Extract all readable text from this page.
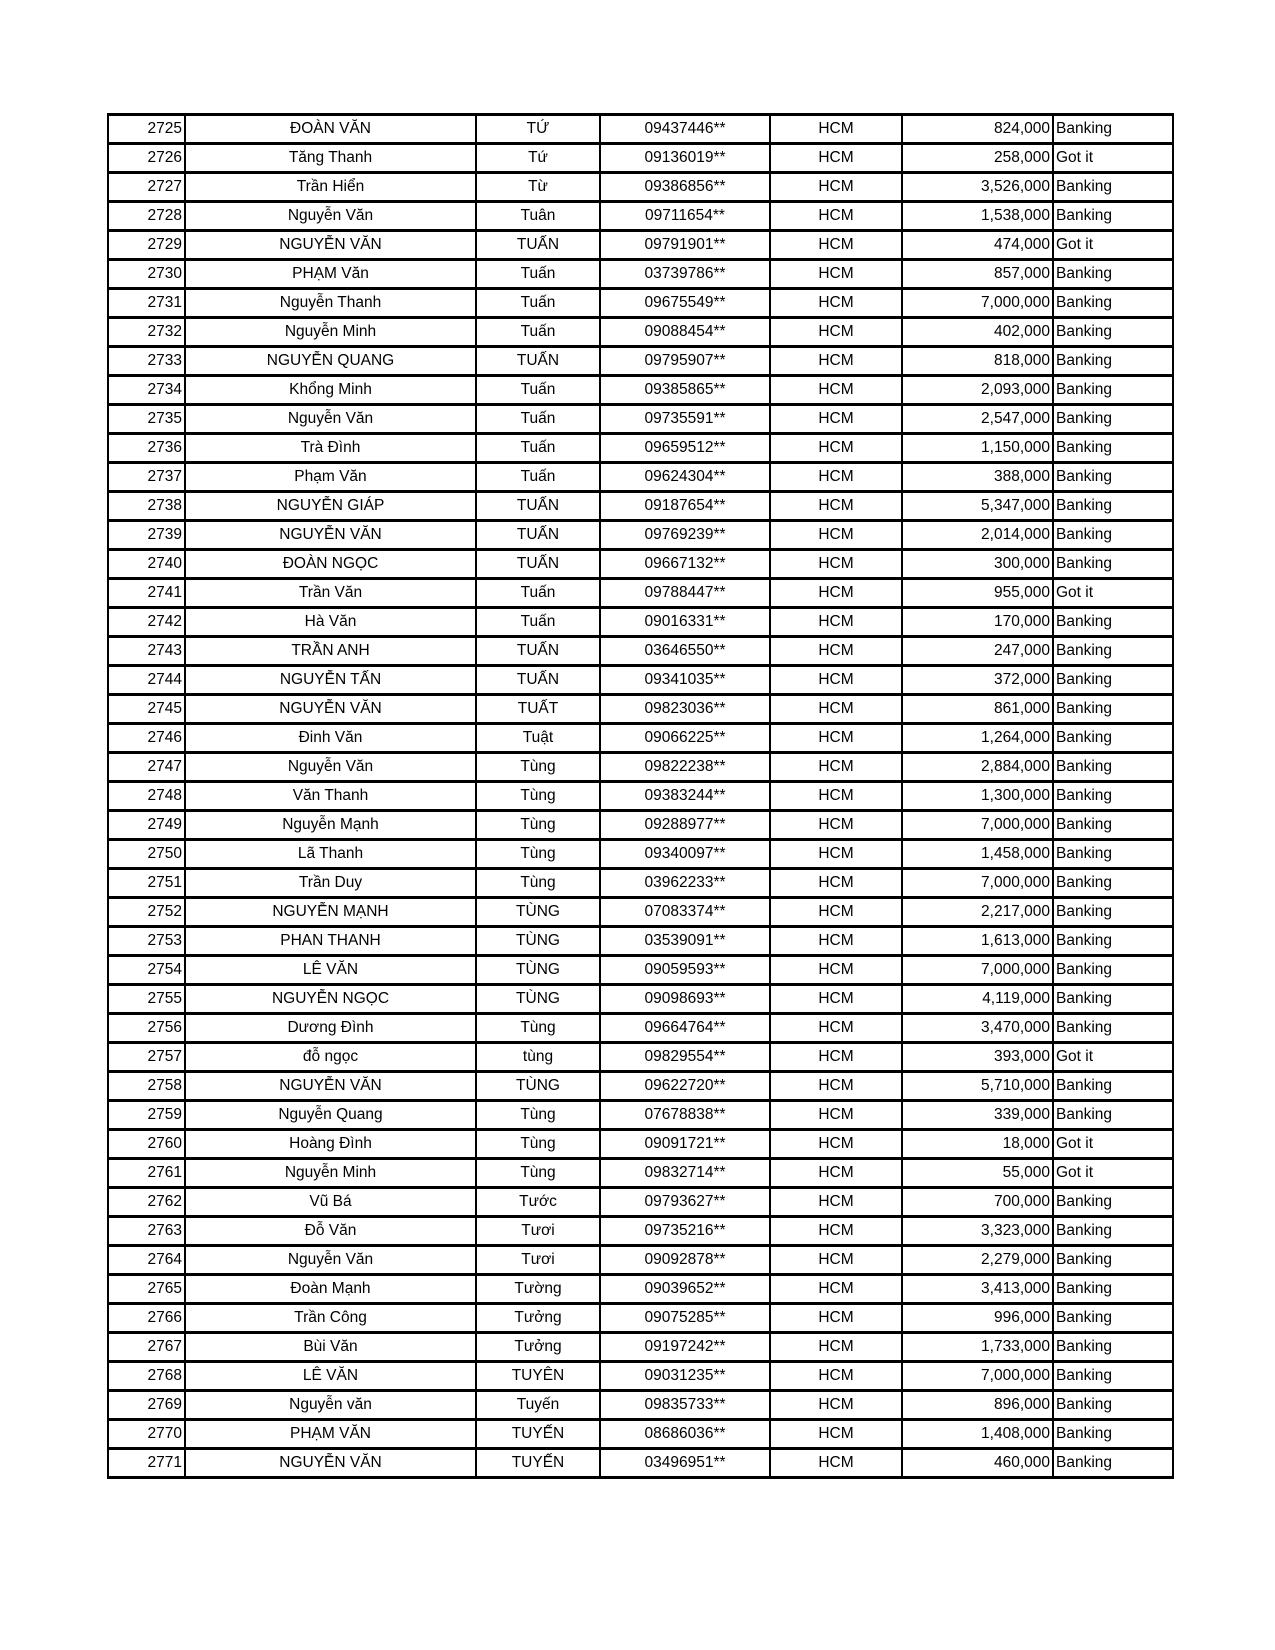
2725	ĐOÀN VĂN	TỨ	09437446**	HCM	824,000	Banking
2726	Tăng Thanh	Tứ	09136019**	HCM	258,000	Got it
2727	Trần Hiển	Từ	09386856**	HCM	3,526,000	Banking
2728	Nguyễn Văn	Tuân	09711654**	HCM	1,538,000	Banking
2729	NGUYỄN VĂN	TUẤN	09791901**	HCM	474,000	Got it
2730	PHẠM Văn	Tuấn	03739786**	HCM	857,000	Banking
2731	Nguyễn Thanh	Tuấn	09675549**	HCM	7,000,000	Banking
2732	Nguyễn Minh	Tuấn	09088454**	HCM	402,000	Banking
2733	NGUYỄN QUANG	TUẤN	09795907**	HCM	818,000	Banking
2734	Khổng Minh	Tuấn	09385865**	HCM	2,093,000	Banking
2735	Nguyễn Văn	Tuấn	09735591**	HCM	2,547,000	Banking
2736	Trà Đình	Tuấn	09659512**	HCM	1,150,000	Banking
2737	Phạm Văn	Tuấn	09624304**	HCM	388,000	Banking
2738	NGUYỄN GIÁP	TUẤN	09187654**	HCM	5,347,000	Banking
2739	NGUYỄN VĂN	TUẤN	09769239**	HCM	2,014,000	Banking
2740	ĐOÀN NGỌC	TUẤN	09667132**	HCM	300,000	Banking
2741	Trần Văn	Tuấn	09788447**	HCM	955,000	Got it
2742	Hà Văn	Tuấn	09016331**	HCM	170,000	Banking
2743	TRẦN ANH	TUẤN	03646550**	HCM	247,000	Banking
2744	NGUYỄN TẤN	TUẤN	09341035**	HCM	372,000	Banking
2745	NGUYỄN VĂN	TUẤT	09823036**	HCM	861,000	Banking
2746	Đinh Văn	Tuật	09066225**	HCM	1,264,000	Banking
2747	Nguyễn Văn	Tùng	09822238**	HCM	2,884,000	Banking
2748	Văn Thanh	Tùng	09383244**	HCM	1,300,000	Banking
2749	Nguyễn Mạnh	Tùng	09288977**	HCM	7,000,000	Banking
2750	Lã Thanh	Tùng	09340097**	HCM	1,458,000	Banking
2751	Trần Duy	Tùng	03962233**	HCM	7,000,000	Banking
2752	NGUYỄN MẠNH	TÙNG	07083374**	HCM	2,217,000	Banking
2753	PHAN THANH	TÙNG	03539091**	HCM	1,613,000	Banking
2754	LÊ VĂN	TÙNG	09059593**	HCM	7,000,000	Banking
2755	NGUYỄN NGỌC	TÙNG	09098693**	HCM	4,119,000	Banking
2756	Dương Đình	Tùng	09664764**	HCM	3,470,000	Banking
2757	đỗ ngọc	tùng	09829554**	HCM	393,000	Got it
2758	NGUYỄN VĂN	TÙNG	09622720**	HCM	5,710,000	Banking
2759	Nguyễn Quang	Tùng	07678838**	HCM	339,000	Banking
2760	Hoàng Đình	Tùng	09091721**	HCM	18,000	Got it
2761	Nguyễn Minh	Tùng	09832714**	HCM	55,000	Got it
2762	Vũ Bá	Tước	09793627**	HCM	700,000	Banking
2763	Đỗ Văn	Tươi	09735216**	HCM	3,323,000	Banking
2764	Nguyễn Văn	Tươi	09092878**	HCM	2,279,000	Banking
2765	Đoàn Mạnh	Tường	09039652**	HCM	3,413,000	Banking
2766	Trần Công	Tưởng	09075285**	HCM	996,000	Banking
2767	Bùi Văn	Tưởng	09197242**	HCM	1,733,000	Banking
2768	LÊ VĂN	TUYÊN	09031235**	HCM	7,000,000	Banking
2769	Nguyễn văn	Tuyến	09835733**	HCM	896,000	Banking
2770	PHẠM VĂN	TUYẾN	08686036**	HCM	1,408,000	Banking
2771	NGUYỄN VĂN	TUYẾN	03496951**	HCM	460,000	Banking
